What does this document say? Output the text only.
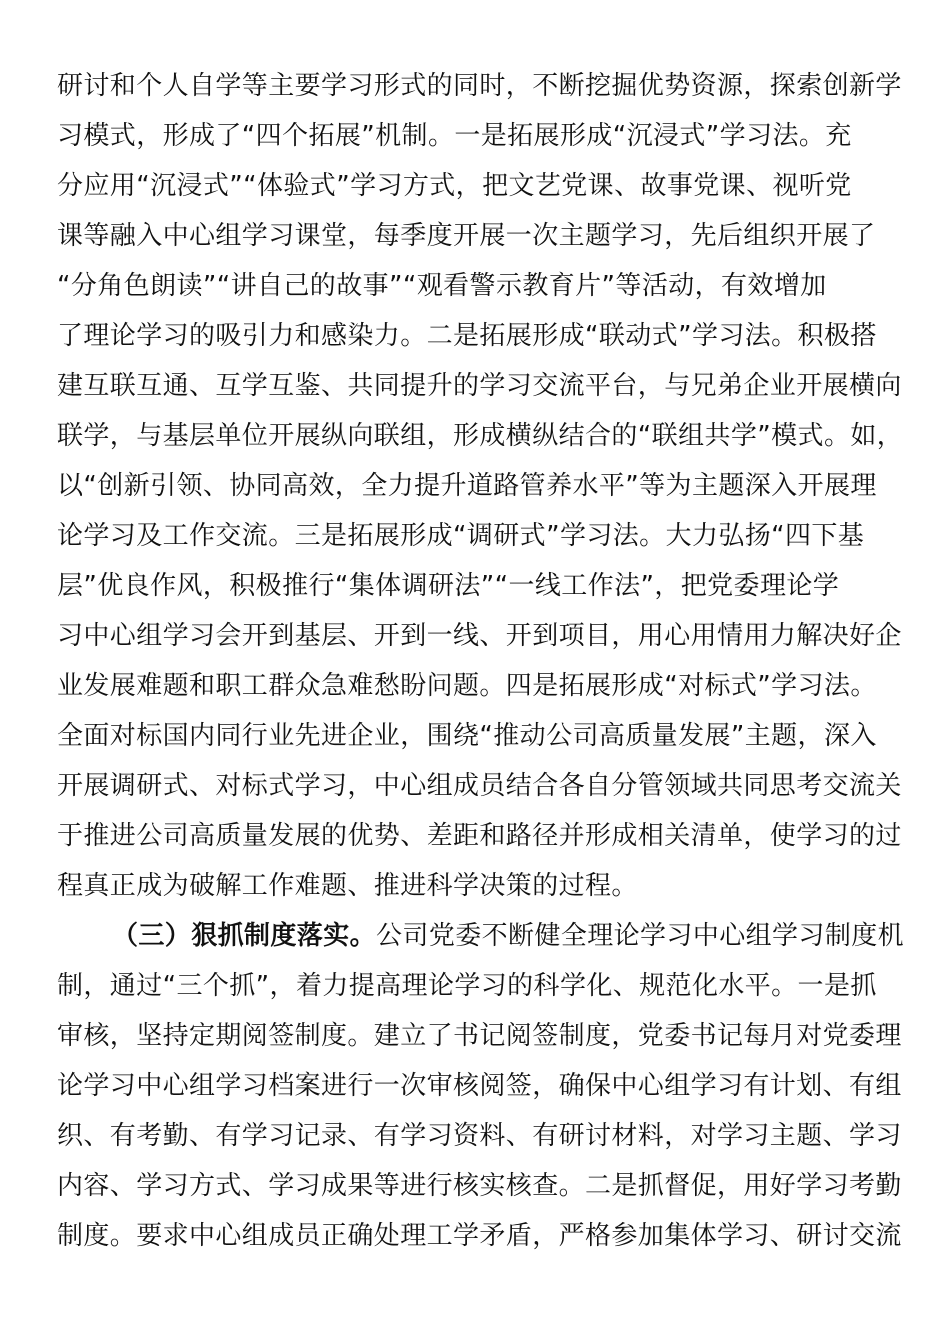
研讨和个人自学等主要学习形式的同时，不断挖掘优势资源，探索创新学
习模式，形成了“四个拓展”机制。一是拓展形成“沉浸式”学习法。充
分应用“沉浸式”“体验式”学习方式，把文艺党课、故事党课、视听党
课等融入中心组学习课堂，每季度开展一次主题学习，先后组织开展了
“分角色朗读”“讲自己的故事”“观看警示教育片”等活动，有效增加
了理论学习的吸引力和感染力。二是拓展形成“联动式”学习法。积极搭
建互联互通、互学互鉴、共同提升的学习交流平台，与兄弟企业开展横向
联学，与基层单位开展纵向联组，形成横纵结合的“联组共学”模式。如，
以“创新引领、协同高效，全力提升道路管养水平”等为主题深入开展理
论学习及工作交流。三是拓展形成“调研式”学习法。大力弘扬“四下基
层”优良作风，积极推行“集体调研法”“一线工作法”，把党委理论学
习中心组学习会开到基层、开到一线、开到项目，用心用情用力解决好企
业发展难题和职工群众急难愁盼问题。四是拓展形成“对标式”学习法。
全面对标国内同行业先进企业，围绕“推动公司高质量发展”主题，深入
开展调研式、对标式学习，中心组成员结合各自分管领域共同思考交流关
于推进公司高质量发展的优势、差距和路径并形成相关清单，使学习的过
程真正成为破解工作难题、推进科学决策的过程。
（三）狠抓制度落实。公司党委不断健全理论学习中心组学习制度机
制，通过“三个抓”，着力提高理论学习的科学化、规范化水平。一是抓
审核，坚持定期阅签制度。建立了书记阅签制度，党委书记每月对党委理
论学习中心组学习档案进行一次审核阅签，确保中心组学习有计划、有组
织、有考勤、有学习记录、有学习资料、有研讨材料，对学习主题、学习
内容、学习方式、学习成果等进行核实核查。二是抓督促，用好学习考勤
制度。要求中心组成员正确处理工学矛盾，严格参加集体学习、研讨交流
